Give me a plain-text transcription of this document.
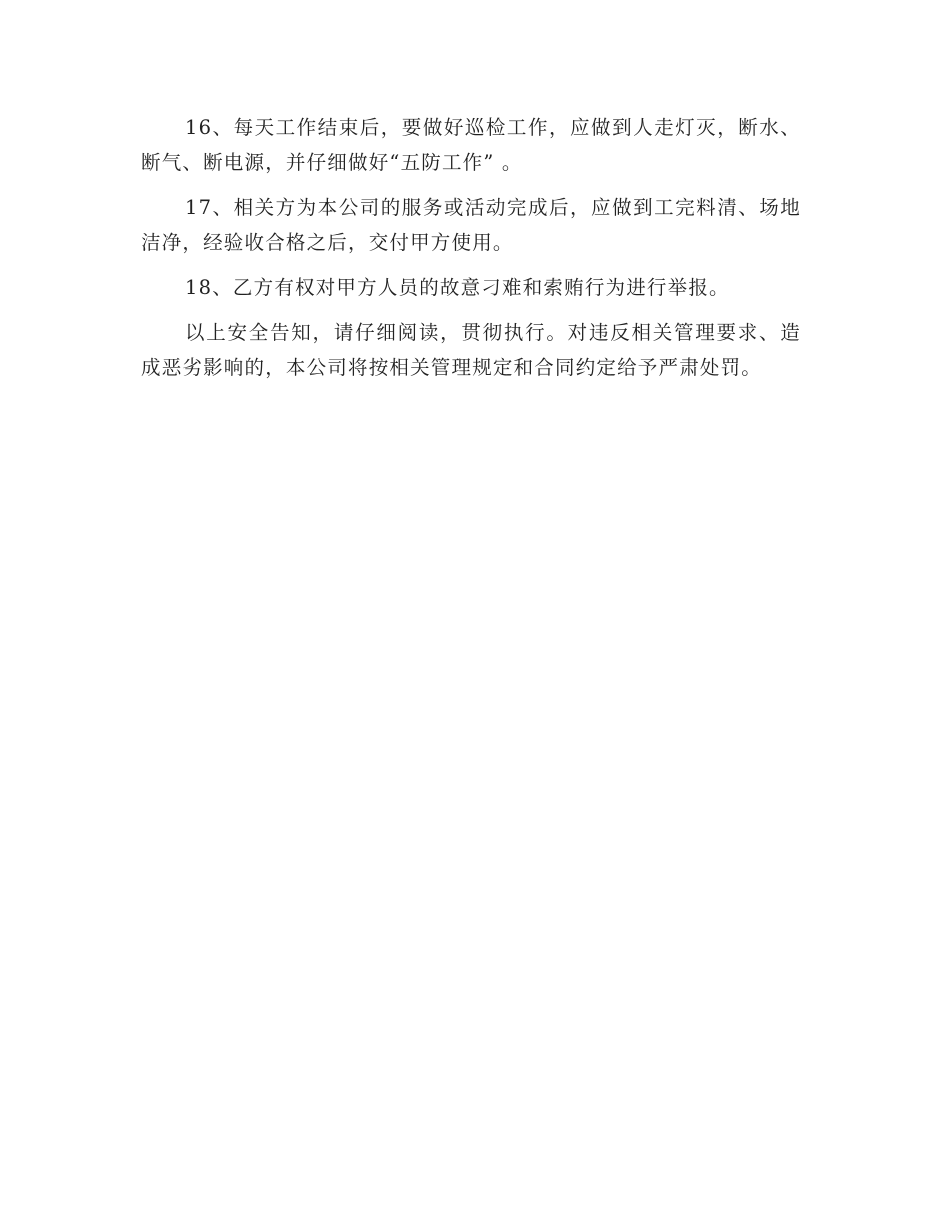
16、每天工作结束后，要做好巡检工作，应做到人走灯灭，断水、断气、断电源，并仔细做好“五防工作” 。

17、相关方为本公司的服务或活动完成后，应做到工完料清、场地洁净，经验收合格之后，交付甲方使用。

18、乙方有权对甲方人员的故意刁难和索贿行为进行举报。

以上安全告知，请仔细阅读，贯彻执行。对违反相关管理要求、造成恶劣影响的，本公司将按相关管理规定和合同约定给予严肃处罚。
